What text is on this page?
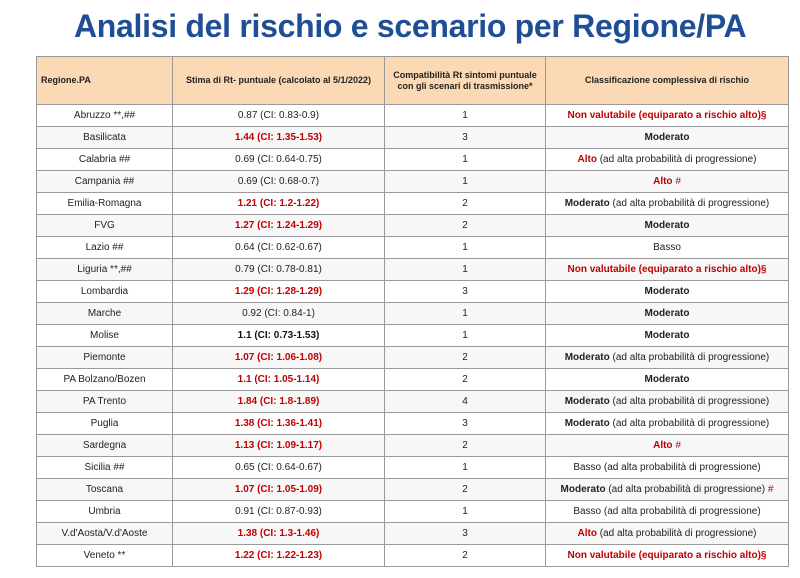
Analisi del rischio e scenario per Regione/PA
Regione.PA	Stima di Rt- puntuale (calcolato al 5/1/2022)	Compatibilità Rt sintomi puntuale con gli scenari di trasmissione*	Classificazione complessiva di rischio
Abruzzo **,##	0.87 (CI: 0.83-0.9)	1	Non valutabile (equiparato a rischio alto)§
Basilicata	1.44 (CI: 1.35-1.53)	3	Moderato
Calabria ##	0.69 (CI: 0.64-0.75)	1	Alto (ad alta probabilità di progressione)
Campania ##	0.69 (CI: 0.68-0.7)	1	Alto #
Emilia-Romagna	1.21 (CI: 1.2-1.22)	2	Moderato (ad alta probabilità di progressione)
FVG	1.27 (CI: 1.24-1.29)	2	Moderato
Lazio ##	0.64 (CI: 0.62-0.67)	1	Basso
Liguria **,##	0.79 (CI: 0.78-0.81)	1	Non valutabile (equiparato a rischio alto)§
Lombardia	1.29 (CI: 1.28-1.29)	3	Moderato
Marche	0.92 (CI: 0.84-1)	1	Moderato
Molise	1.1 (CI: 0.73-1.53)	1	Moderato
Piemonte	1.07 (CI: 1.06-1.08)	2	Moderato (ad alta probabilità di progressione)
PA Bolzano/Bozen	1.1 (CI: 1.05-1.14)	2	Moderato
PA Trento	1.84 (CI: 1.8-1.89)	4	Moderato (ad alta probabilità di progressione)
Puglia	1.38 (CI: 1.36-1.41)	3	Moderato (ad alta probabilità di progressione)
Sardegna	1.13 (CI: 1.09-1.17)	2	Alto #
Sicilia ##	0.65 (CI: 0.64-0.67)	1	Basso (ad alta probabilità di progressione)
Toscana	1.07 (CI: 1.05-1.09)	2	Moderato (ad alta probabilità di progressione) #
Umbria	0.91 (CI: 0.87-0.93)	1	Basso (ad alta probabilità di progressione)
V.d'Aosta/V.d'Aoste	1.38 (CI: 1.3-1.46)	3	Alto (ad alta probabilità di progressione)
Veneto **	1.22 (CI: 1.22-1.23)	2	Non valutabile (equiparato a rischio alto)§
